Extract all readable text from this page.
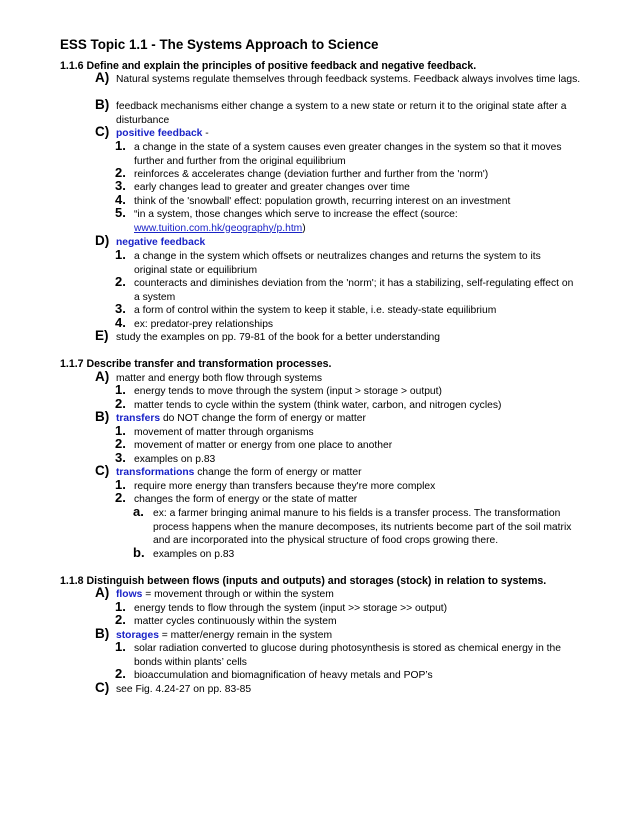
ESS Topic 1.1 - The Systems Approach to Science
1.1.6 Define and explain the principles of positive feedback and negative feedback.
A) Natural systems regulate themselves through feedback systems. Feedback always involves time lags.
B) feedback mechanisms either change a system to a new state or return it to the original state after a disturbance
C) positive feedback -
1. a change in the state of a system causes even greater changes in the system so that it moves further and further from the original equilibrium
2. reinforces & accelerates change (deviation further and further from the 'norm')
3. early changes lead to greater and greater changes over time
4. think of the 'snowball' effect: population growth, recurring interest on an investment
5. “in a system, those changes which serve to increase the effect (source: www.tuition.com.hk/geography/p.htm)
D) negative feedback
1. a change in the system which offsets or neutralizes changes and returns the system to its original state or equilibrium
2. counteracts and diminishes deviation from the 'norm'; it has a stabilizing, self-regulating effect on a system
3. a form of control within the system to keep it stable, i.e. steady-state equilibrium
4. ex: predator-prey relationships
E) study the examples on pp. 79-81 of the book for a better understanding
1.1.7 Describe transfer and transformation processes.
A) matter and energy both flow through systems
1. energy tends to move through the system (input > storage > output)
2. matter tends to cycle within the system (think water, carbon, and nitrogen cycles)
B) transfers do NOT change the form of energy or matter
1. movement of matter through organisms
2. movement of matter or energy from one place to another
3. examples on p.83
C) transformations change the form of energy or matter
1. require more energy than transfers because they're more complex
2. changes the form of energy or the state of matter
a. ex: a farmer bringing animal manure to his fields is a transfer process. The transformation process happens when the manure decomposes, its nutrients become part of the soil matrix and are incorporated into the physical structure of food crops growing there.
b. examples on p.83
1.1.8 Distinguish between flows (inputs and outputs) and storages (stock) in relation to systems.
A) flows = movement through or within the system
1. energy tends to flow through the system (input >> storage >> output)
2. matter cycles continuously within the system
B) storages = matter/energy remain in the system
1. solar radiation converted to glucose during photosynthesis is stored as chemical energy in the bonds within plants’ cells
2. bioaccumulation and biomagnification of heavy metals and POP’s
C) see Fig. 4.24-27 on pp. 83-85
